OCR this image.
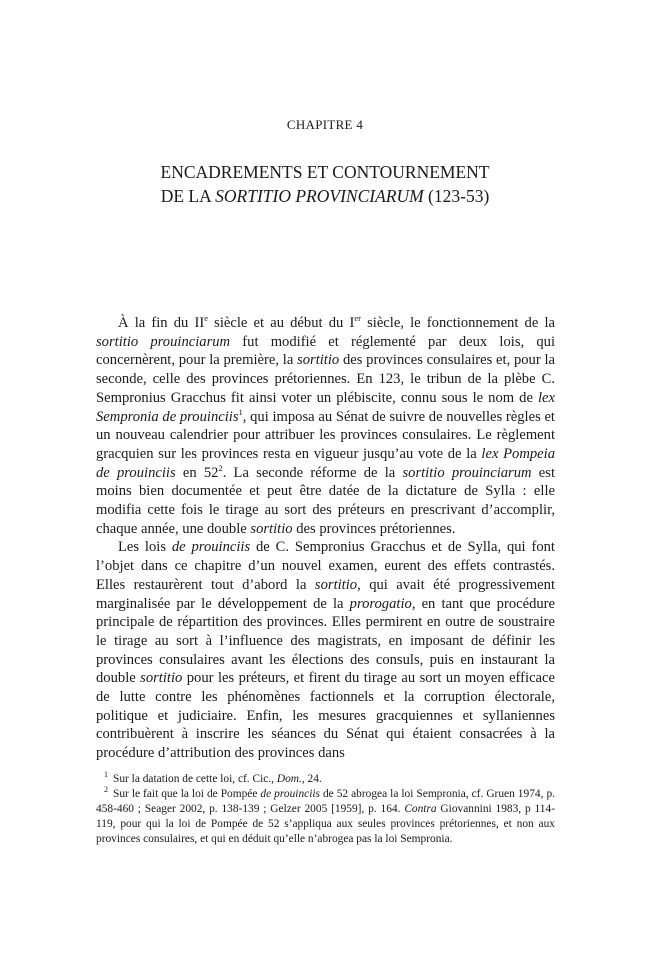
CHAPITRE 4
ENCADREMENTS ET CONTOURNEMENT
DE LA SORTITIO PROVINCIARUM (123-53)

À la fin du IIe siècle et au début du Ier siècle, le fonctionnement de la sortitio prouinciarum fut modifié et réglementé par deux lois, qui concernèrent, pour la première, la sortitio des provinces consulaires et, pour la seconde, celle des provinces prétoriennes. En 123, le tribun de la plèbe C. Sempronius Gracchus fit ainsi voter un plébiscite, connu sous le nom de lex Sempronia de prouinciis$^1$, qui imposa au Sénat de suivre de nouvelles règles et un nouveau calendrier pour attribuer les provinces consulaires. Le règlement gracquien sur les provinces resta en vigueur jusqu’au vote de la lex Pompeia de prouinciis en $52^2$. La seconde réforme de la sortitio prouinciarum est moins bien documentée et peut être datée de la dictature de Sylla : elle modifia cette fois le tirage au sort des préteurs en prescrivant d’accomplir, chaque année, une double sortitio des provinces prétoriennes.

Les lois de prouinciis de C. Sempronius Gracchus et de Sylla, qui font l’objet dans ce chapitre d’un nouvel examen, eurent des effets contrastés. Elles restaurèrent tout d’abord la sortitio, qui avait été progressivement marginalisée par le développement de la prorogatio, en tant que procédure principale de répartition des provinces. Elles permirent en outre de soustraire le tirage au sort à l’influence des magistrats, en imposant de définir les provinces consulaires avant les élections des consuls, puis en instaurant la double sortitio pour les préteurs, et firent du tirage au sort un moyen efficace de lutte contre les phénomènes factionnels et la corruption électorale, politique et judiciaire. Enfin, les mesures gracquiennes et syllaniennes contribuèrent à inscrire les séances du Sénat qui étaient consacrées à la procédure d’attribution des provinces dans

$^1$ Sur la datation de cette loi, cf. Cic., Dom., 24.

$^2$ Sur le fait que la loi de Pompée de prouinciis de 52 abrogea la loi Sempronia, cf. Gruen 1974, p. 458-460 ; Seager 2002, p. 138-139 ; Gelzer 2005 [1959], p. 164. Contra Giovannini 1983, p 114-119, pour qui la loi de Pompée de 52 s’appliqua aux seules provinces prétoriennes, et non aux provinces consulaires, et qui en déduit qu’elle n’abrogea pas la loi Sempronia.
